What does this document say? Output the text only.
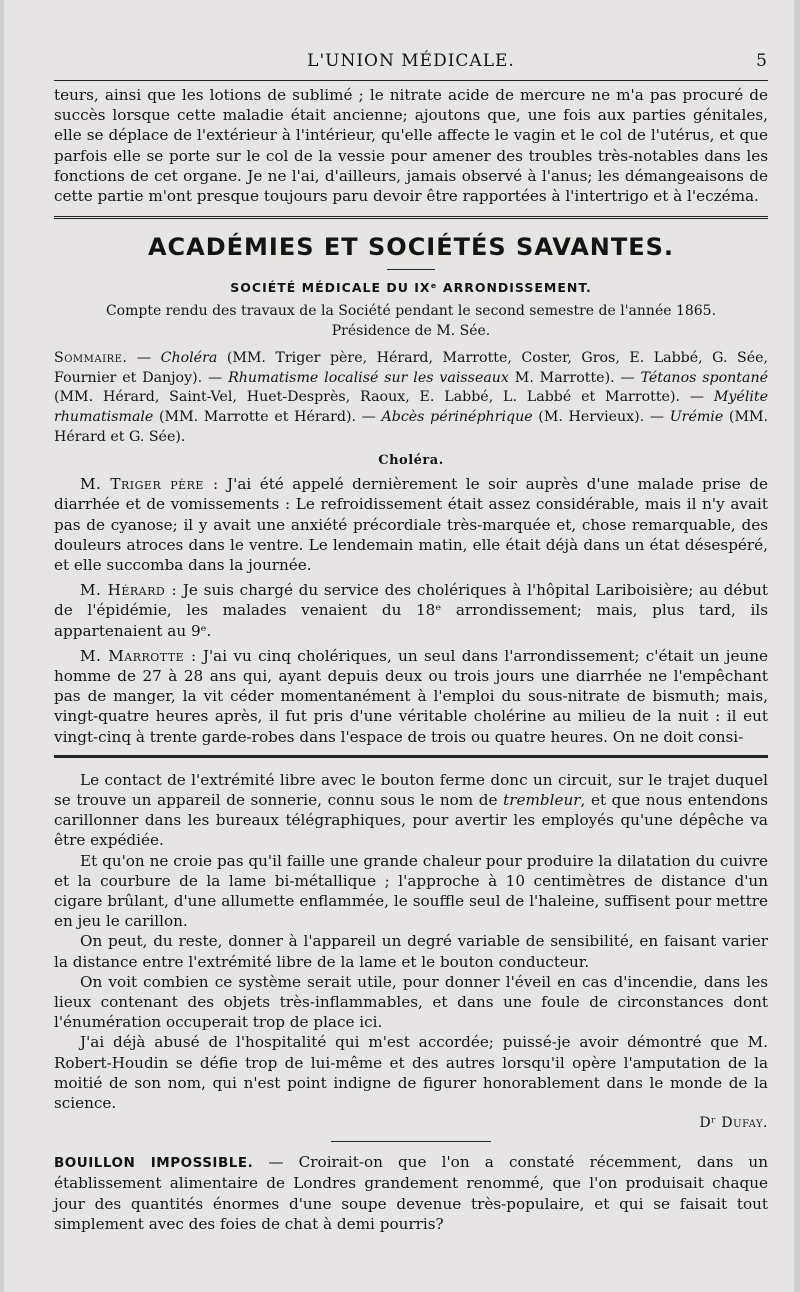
L'UNION MÉDICALE.	5

teurs, ainsi que les lotions de sublimé ; le nitrate acide de mercure ne m'a pas procuré de succès lorsque cette maladie était ancienne; ajoutons que, une fois aux parties génitales, elle se déplace de l'extérieur à l'intérieur, qu'elle affecte le vagin et le col de l'utérus, et que parfois elle se porte sur le col de la vessie pour amener des troubles très-notables dans les fonctions de cet organe. Je ne l'ai, d'ailleurs, jamais observé à l'anus; les démangeaisons de cette partie m'ont presque toujours paru devoir être rapportées à l'intertrigo et à l'eczéma.

ACADÉMIES ET SOCIÉTÉS SAVANTES.
SOCIÉTÉ MÉDICALE DU IXᵉ ARRONDISSEMENT.
Compte rendu des travaux de la Société pendant le second semestre de l'année 1865.
Présidence de M. Sée.

Sommaire. — Choléra (MM. Triger père, Hérard, Marrotte, Coster, Gros, E. Labbé, G. Sée, Fournier et Danjoy). — Rhumatisme localisé sur les vaisseaux M. Marrotte). — Tétanos spontané (MM. Hérard, Saint-Vel, Huet-Desprès, Raoux, E. Labbé, L. Labbé et Marrotte). — Myélite rhumatismale (MM. Marrotte et Hérard). — Abcès périnéphrique (M. Hervieux). — Urémie (MM. Hérard et G. Sée).

Choléra.

M. Triger père : J'ai été appelé dernièrement le soir auprès d'une malade prise de diarrhée et de vomissements : Le refroidissement était assez considérable, mais il n'y avait pas de cyanose; il y avait une anxiété précordiale très-marquée et, chose remarquable, des douleurs atroces dans le ventre. Le lendemain matin, elle était déjà dans un état désespéré, et elle succomba dans la journée.

M. Hérard : Je suis chargé du service des cholériques à l'hôpital Lariboisière; au début de l'épidémie, les malades venaient du 18ᵉ arrondissement; mais, plus tard, ils appartenaient au 9ᵉ.

M. Marrotte : J'ai vu cinq cholériques, un seul dans l'arrondissement; c'était un jeune homme de 27 à 28 ans qui, ayant depuis deux ou trois jours une diarrhée ne l'empêchant pas de manger, la vit céder momentanément à l'emploi du sous-nitrate de bismuth; mais, vingt-quatre heures après, il fut pris d'une véritable cholérine au milieu de la nuit : il eut vingt-cinq à trente garde-robes dans l'espace de trois ou quatre heures. On ne doit consi-

Le contact de l'extrémité libre avec le bouton ferme donc un circuit, sur le trajet duquel se trouve un appareil de sonnerie, connu sous le nom de trembleur, et que nous entendons carillonner dans les bureaux télégraphiques, pour avertir les employés qu'une dépêche va être expédiée.

Et qu'on ne croie pas qu'il faille une grande chaleur pour produire la dilatation du cuivre et la courbure de la lame bi-métallique ; l'approche à 10 centimètres de distance d'un cigare brûlant, d'une allumette enflammée, le souffle seul de l'haleine, suffisent pour mettre en jeu le carillon.

On peut, du reste, donner à l'appareil un degré variable de sensibilité, en faisant varier la distance entre l'extrémité libre de la lame et le bouton conducteur.

On voit combien ce système serait utile, pour donner l'éveil en cas d'incendie, dans les lieux contenant des objets très-inflammables, et dans une foule de circonstances dont l'énumération occuperait trop de place ici.

J'ai déjà abusé de l'hospitalité qui m'est accordée; puissé-je avoir démontré que M. Robert-Houdin se défie trop de lui-même et des autres lorsqu'il opère l'amputation de la moitié de son nom, qui n'est point indigne de figurer honorablement dans le monde de la science.

Dʳ Dufay.

BOUILLON IMPOSSIBLE. — Croirait-on que l'on a constaté récemment, dans un établissement alimentaire de Londres grandement renommé, que l'on produisait chaque jour des quantités énormes d'une soupe devenue très-populaire, et qui se faisait tout simplement avec des foies de chat à demi pourris?
